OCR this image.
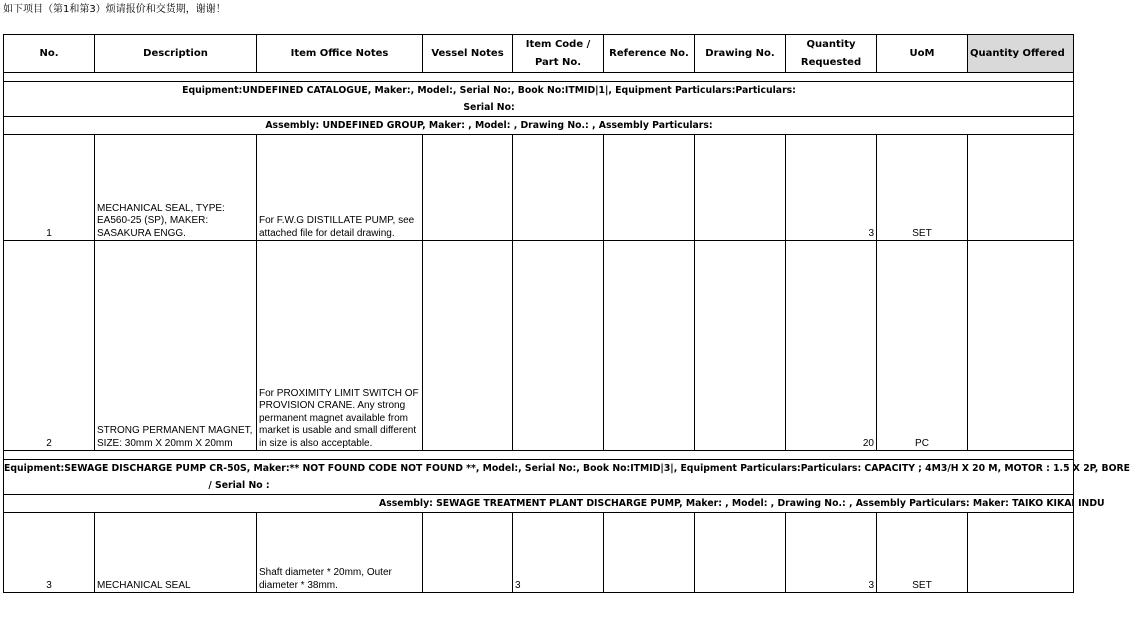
如下项目（第1和第3）烦请报价和交货期，谢谢！
No.	Description	Item Office Notes	Vessel Notes	Item Code / Part No.	Reference No.	Drawing No.	Quantity Requested	UoM	Quantity Offered

Equipment:UNDEFINED CATALOGUE, Maker:, Model:, Serial No:, Book No:ITMID|1|, Equipment Particulars:Particulars:
Serial No:									

Assembly: UNDEFINED GROUP, Maker: , Model: , Drawing No.: , Assembly Particulars:									

1	MECHANICAL SEAL, TYPE: EA560-25 (SP), MAKER: SASAKURA ENGG.	For F.W.G DISTILLATE PUMP, see attached file for detail drawing.					3	SET	
2	STRONG PERMANENT MAGNET, SIZE: 30mm X 20mm X 20mm	For PROXIMITY LIMIT SWITCH OF PROVISION CRANE. Any strong permanent magnet available from market is usable and small different in size is also acceptable.					20	PC	

Equipment:SEWAGE DISCHARGE PUMP CR-50S, Maker:** NOT FOUND CODE NOT FOUND **, Model:, Serial No:, Book No:ITMID|3|, Equipment Particulars:Particulars: CAPACITY ; 4M3/H X 20 M, MOTOR : 1.5 X 2P, BORE
/ Serial No :									

Assembly: SEWAGE TREATMENT PLANT DISCHARGE PUMP, Maker: , Model: , Drawing No.: , Assembly Particulars: Maker: TAIKO KIKAI INDU									

3	MECHANICAL SEAL	Shaft diameter * 20mm, Outer diameter * 38mm.		3			3	SET	
